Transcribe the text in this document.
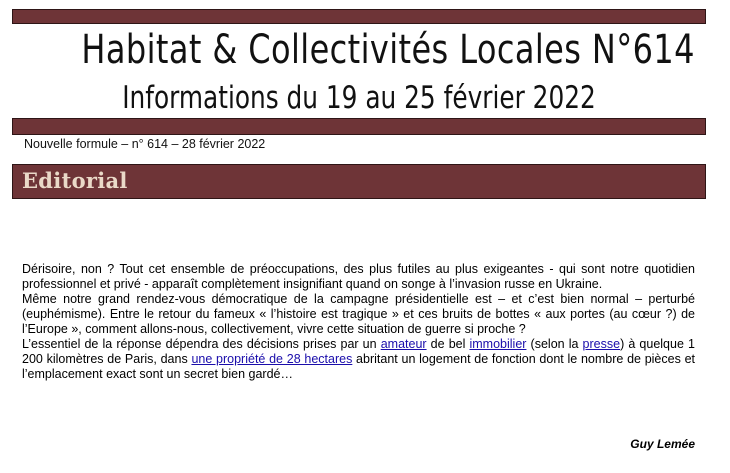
Habitat & Collectivités Locales N°614
Informations du 19 au 25 février 2022
Nouvelle formule – n° 614 – 28 février 2022
Editorial

Dérisoire, non ? Tout cet ensemble de préoccupations, des plus futiles au plus exigeantes - qui sont notre quotidien professionnel et privé - apparaît complètement insignifiant quand on songe à l’invasion russe en Ukraine.

Même notre grand rendez-vous démocratique de la campagne présidentielle est – et c’est bien normal – perturbé (euphémisme). Entre le retour du fameux « l’histoire est tragique » et ces bruits de bottes « aux portes (au cœur ?) de l’Europe », comment allons-nous, collectivement, vivre cette situation de guerre si proche ?

L’essentiel de la réponse dépendra des décisions prises par un amateur de bel immobilier (selon la presse) à quelque 1 200 kilomètres de Paris, dans une propriété de 28 hectares abritant un logement de fonction dont le nombre de pièces et l’emplacement exact sont un secret bien gardé…

Guy Lemée
